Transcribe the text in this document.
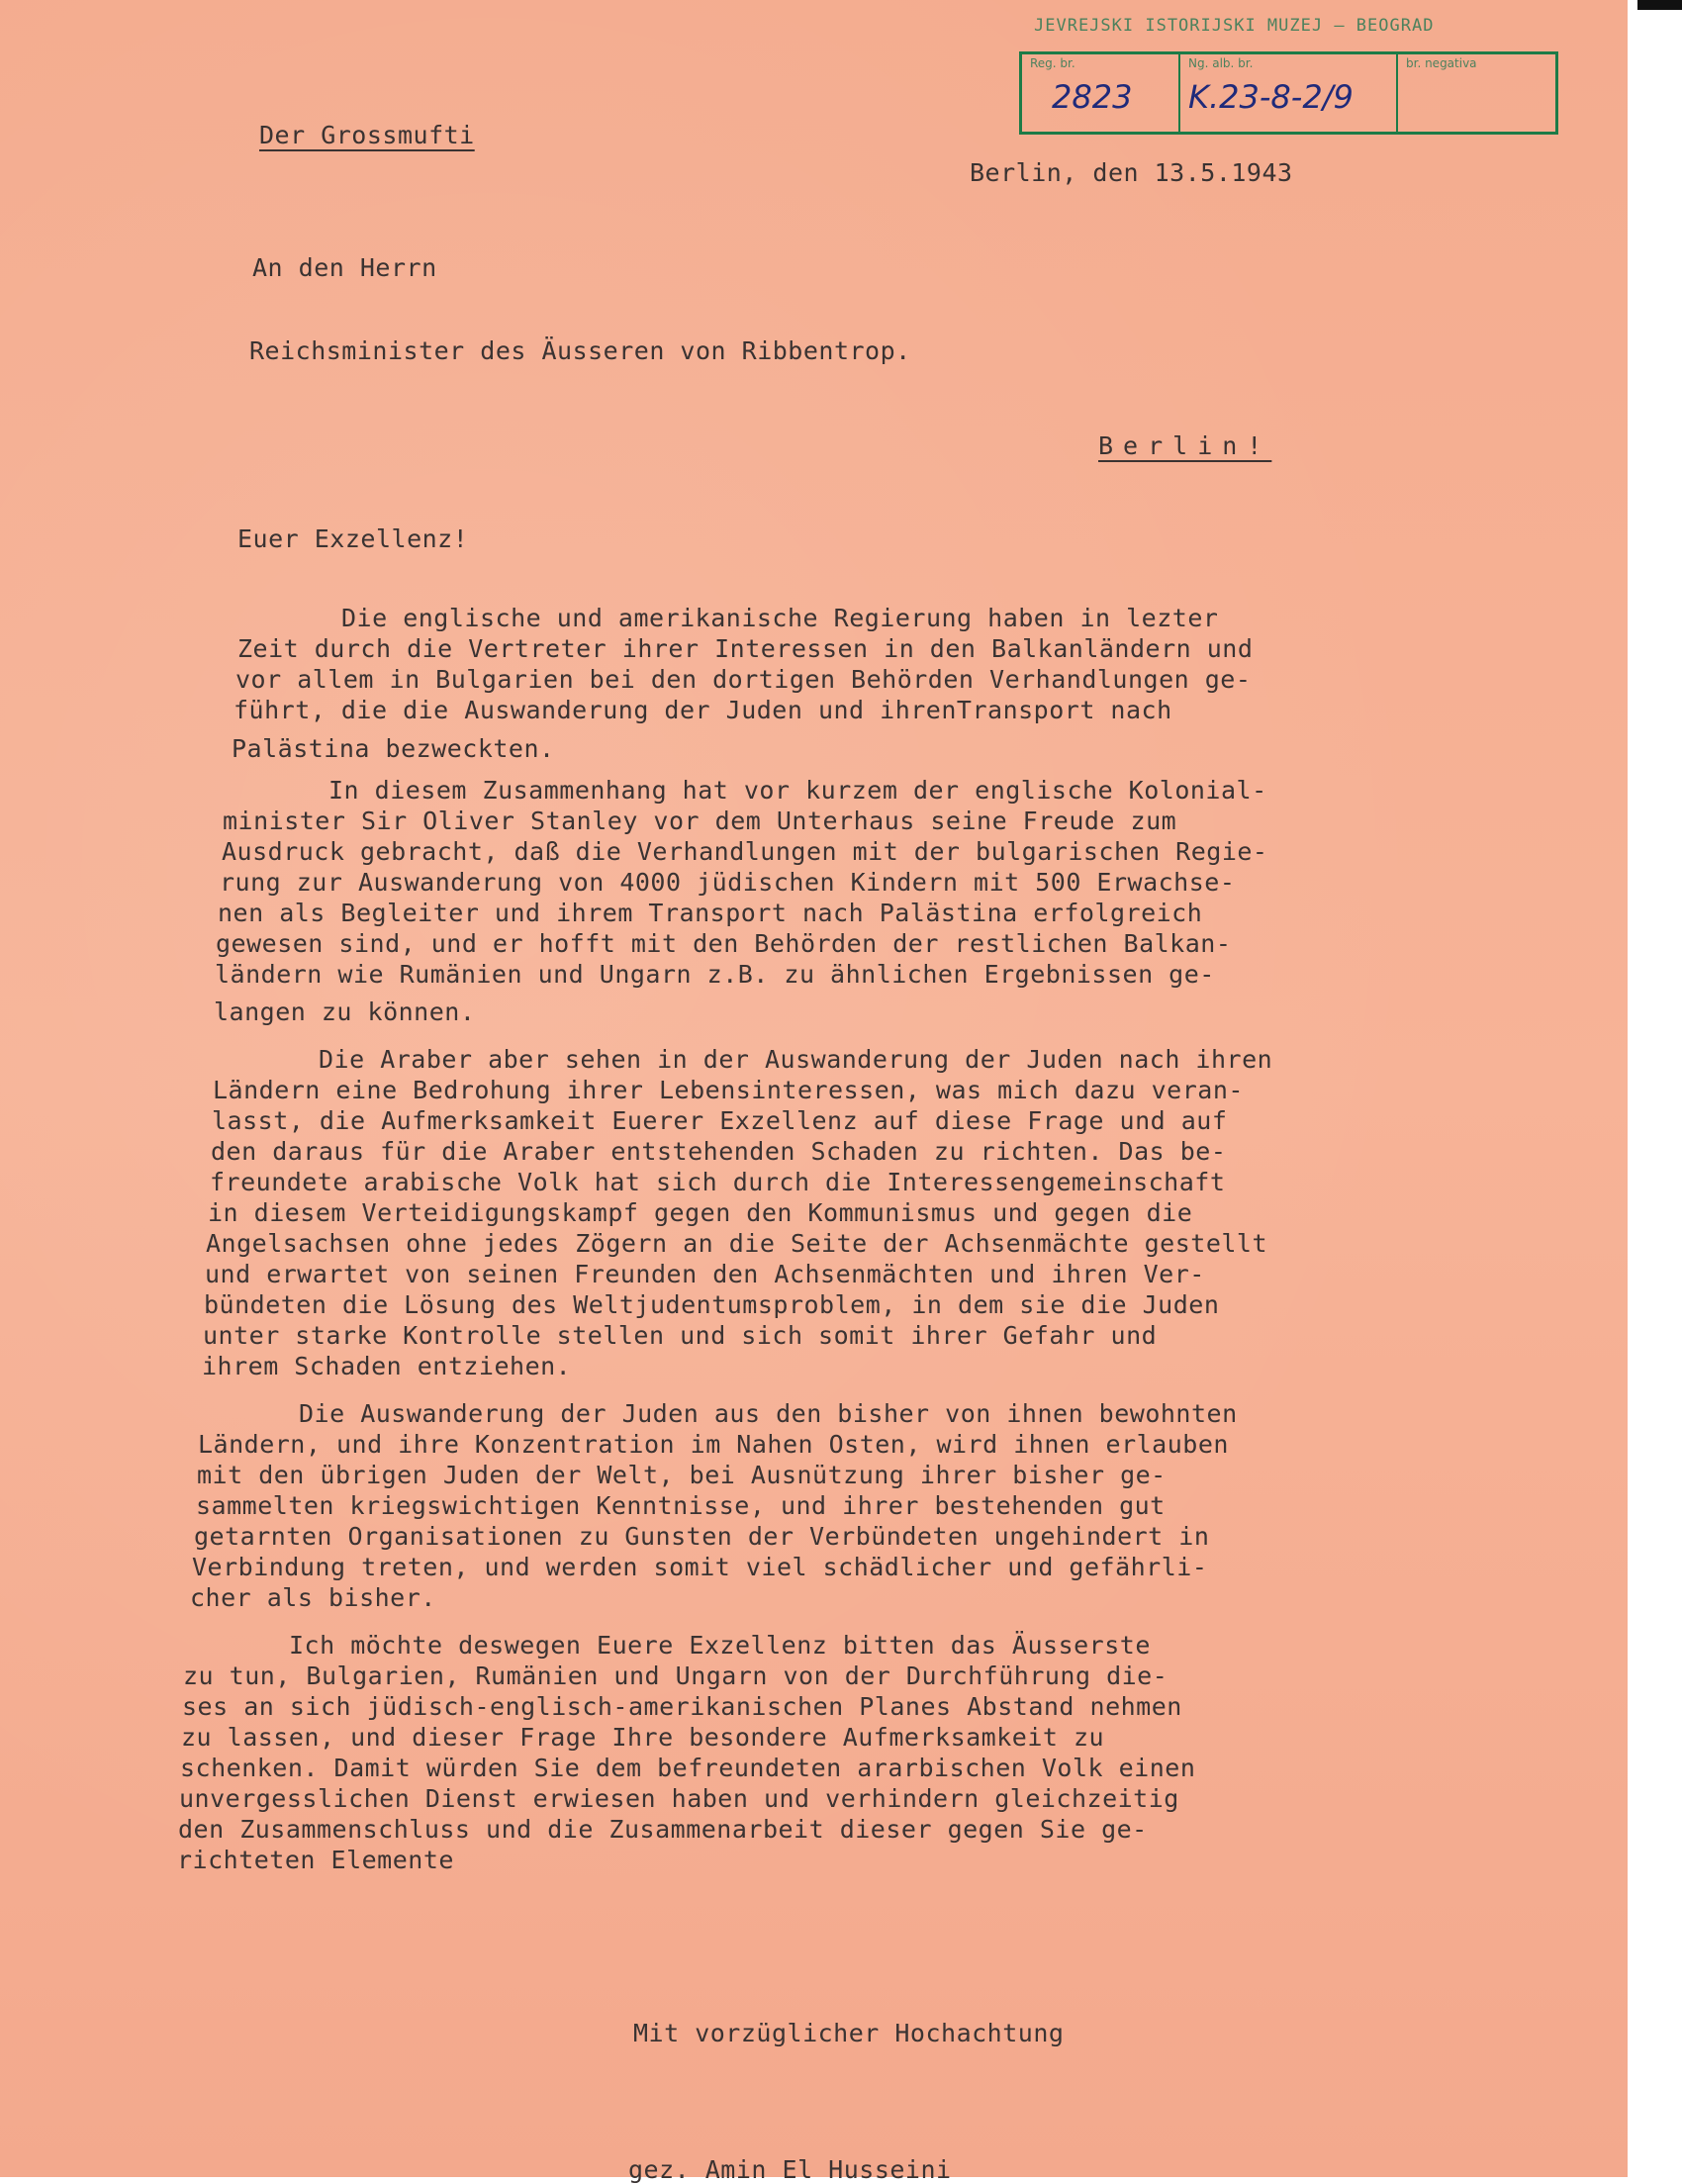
JEVREJSKI ISTORIJSKI MUZEJ — BEOGRAD
Reg. br.
2823
Ng. alb. br.
K.23-8-2/9
br. negativa
Der Grossmufti
Berlin, den 13.5.1943
An den Herrn
Reichsminister des Äusseren von Ribbentrop.
Berlin!
Euer Exzellenz!
Die englische und amerikanische Regierung haben in lezter
Zeit durch die Vertreter ihrer Interessen in den Balkanländern und
vor allem in Bulgarien bei den dortigen Behörden Verhandlungen ge-
führt, die die Auswanderung der Juden und ihrenTransport nach
Palästina bezweckten.
In diesem Zusammenhang hat vor kurzem der englische Kolonial-
minister Sir Oliver Stanley vor dem Unterhaus seine Freude zum
Ausdruck gebracht, daß die Verhandlungen mit der bulgarischen Regie-
rung zur Auswanderung von 4000 jüdischen Kindern mit 500 Erwachse-
nen als Begleiter und ihrem Transport nach Palästina erfolgreich
gewesen sind, und er hofft mit den Behörden der restlichen Balkan-
ländern wie Rumänien und Ungarn z.B. zu ähnlichen Ergebnissen ge-
langen zu können.
Die Araber aber sehen in der Auswanderung der Juden nach ihren
Ländern eine Bedrohung ihrer Lebensinteressen, was mich dazu veran-
lasst, die Aufmerksamkeit Euerer Exzellenz auf diese Frage und auf
den daraus für die Araber entstehenden Schaden zu richten. Das be-
freundete arabische Volk hat sich durch die Interessengemeinschaft
in diesem Verteidigungskampf gegen den Kommunismus und gegen die
Angelsachsen ohne jedes Zögern an die Seite der Achsenmächte gestellt
und erwartet von seinen Freunden den Achsenmächten und ihren Ver-
bündeten die Lösung des Weltjudentumsproblem, in dem sie die Juden
unter starke Kontrolle stellen und sich somit ihrer Gefahr und
ihrem Schaden entziehen.
Die Auswanderung der Juden aus den bisher von ihnen bewohnten
Ländern, und ihre Konzentration im Nahen Osten, wird ihnen erlauben
mit den übrigen Juden der Welt, bei Ausnützung ihrer bisher ge-
sammelten kriegswichtigen Kenntnisse, und ihrer bestehenden gut
getarnten Organisationen zu Gunsten der Verbündeten ungehindert in
Verbindung treten, und werden somit viel schädlicher und gefährli-
cher als bisher.
Ich möchte deswegen Euere Exzellenz bitten das Äusserste
zu tun, Bulgarien, Rumänien und Ungarn von der Durchführung die-
ses an sich jüdisch-englisch-amerikanischen Planes Abstand nehmen
zu lassen, und dieser Frage Ihre besondere Aufmerksamkeit zu
schenken. Damit würden Sie dem befreundeten ararbischen Volk einen
unvergesslichen Dienst erwiesen haben und verhindern gleichzeitig
den Zusammenschluss und die Zusammenarbeit dieser gegen Sie ge-
richteten Elemente
Mit vorzüglicher Hochachtung
gez. Amin El Husseini
